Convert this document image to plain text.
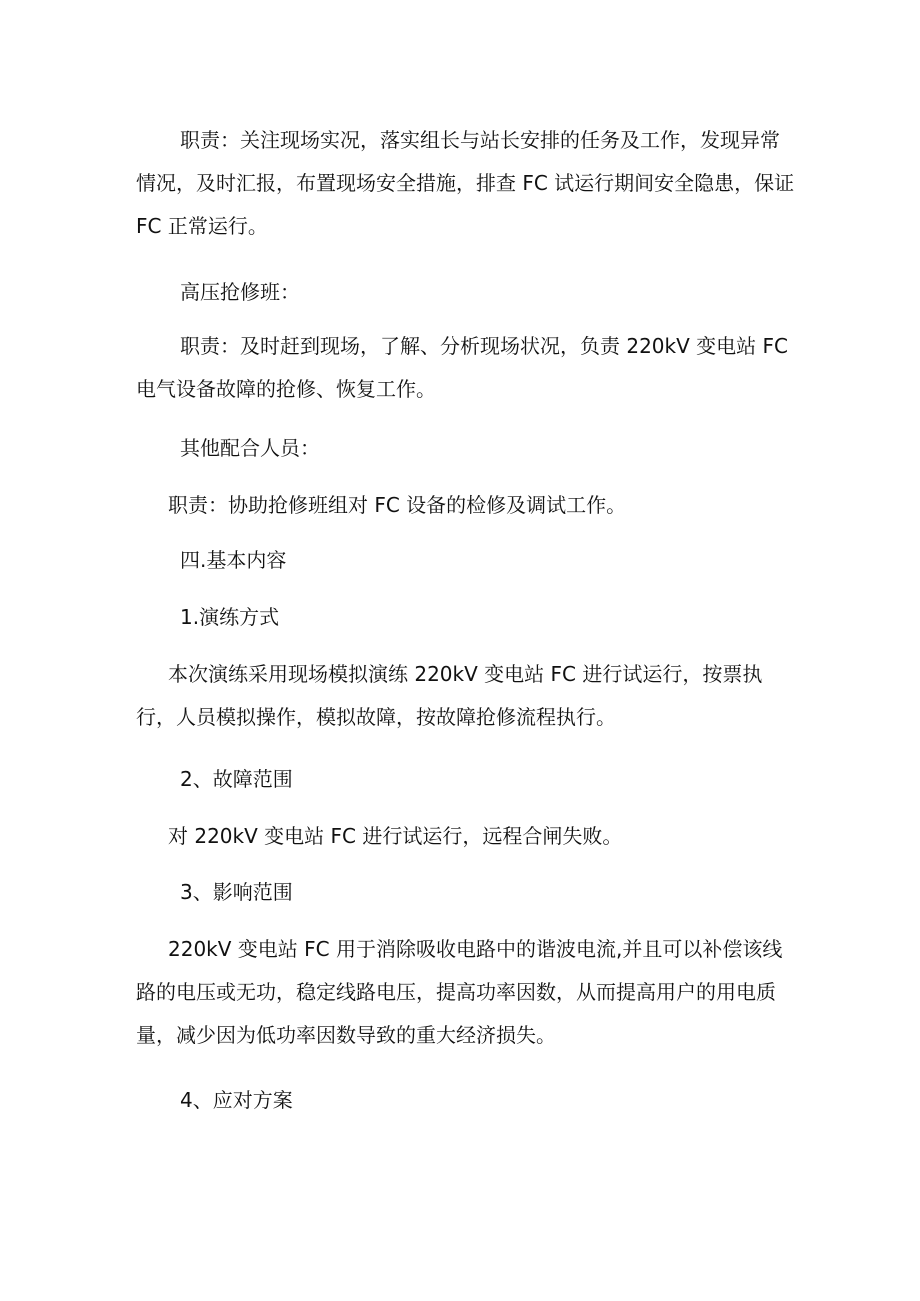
职责：关注现场实况，落实组长与站长安排的任务及工作，发现异常情况，及时汇报，布置现场安全措施，排查 FC 试运行期间安全隐患，保证 FC 正常运行。

高压抢修班：

职责：及时赶到现场，了解、分析现场状况，负责 220kV 变电站 FC 电气设备故障的抢修、恢复工作。

其他配合人员：

职责：协助抢修班组对 FC 设备的检修及调试工作。

四.基本内容

1.演练方式

本次演练采用现场模拟演练 220kV 变电站 FC 进行试运行，按票执行，人员模拟操作，模拟故障，按故障抢修流程执行。

2、故障范围

对 220kV 变电站 FC 进行试运行，远程合闸失败。

3、影响范围

220kV 变电站 FC 用于消除吸收电路中的谐波电流,并且可以补偿该线路的电压或无功，稳定线路电压，提高功率因数，从而提高用户的用电质量，减少因为低功率因数导致的重大经济损失。

4、应对方案
